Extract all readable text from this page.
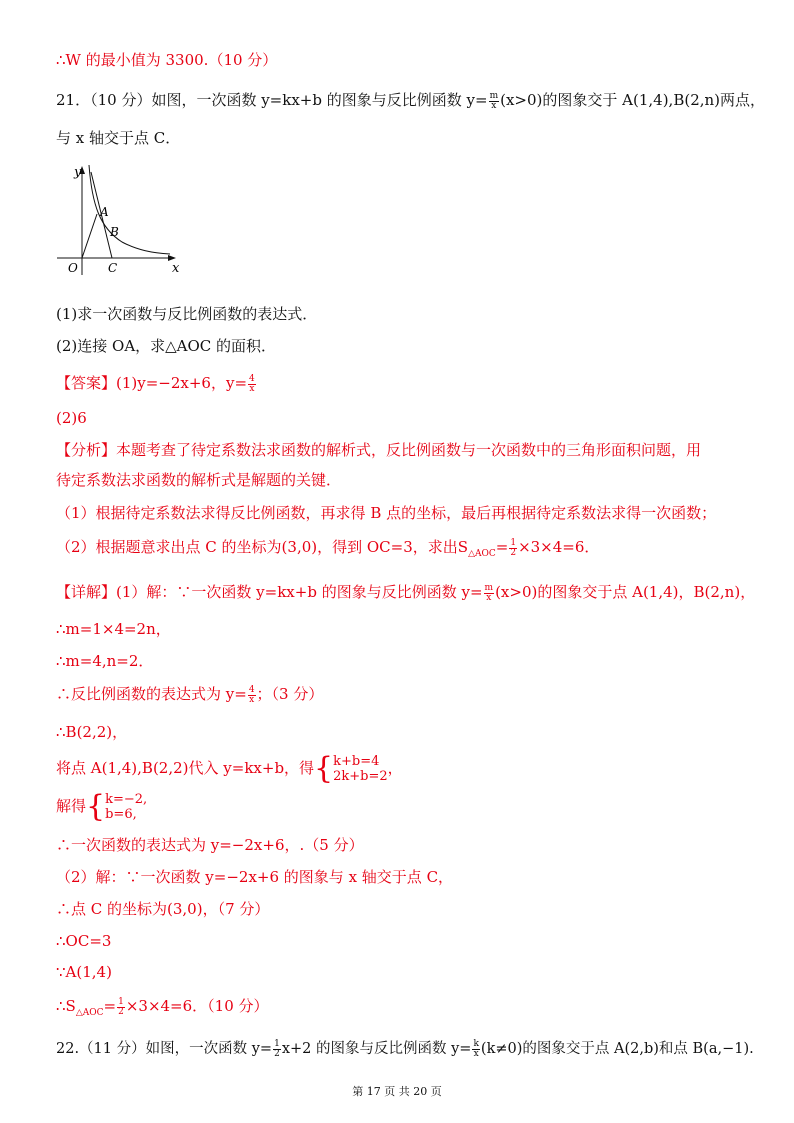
∴W 的最小值为 3300.（10 分）
21．（10 分）如图，一次函数 y=kx+b 的图象与反比例函数 $y= \frac{m}{x} (x>0)$的图象交于 A(1,4),B(2,n)两点，
与 x 轴交于点 C．
y
x
O
A
B
C
(1)求一次函数与反比例函数的表达式．
(2)连接 OA，求△AOC 的面积．
【答案】(1)y=−2x+6，$y= \frac{4}{x}$
(2)6
【分析】本题考查了待定系数法求函数的解析式，反比例函数与一次函数中的三角形面积问题，用
待定系数法求函数的解析式是解题的关键．
（1）根据待定系数法求得反比例函数，再求得 B 点的坐标，最后再根据待定系数法求得一次函数；
（2）根据题意求出点 C 的坐标为(3,0)，得到 OC=3，求出$S_{\triangle AOC}= \frac{1}{2} \times 3\times 4=6$．
【详解】(1）解：∵一次函数 y=kx+b 的图象与反比例函数 $y= \frac{m}{x} (x>0)$的图象交于点 A(1,4)，B(2,n)，
∴m=1×4=2n，
∴m=4,n=2．
∴反比例函数的表达式为 $y= \frac{4}{x}$ ；（3 分）
∴B(2,2)，
将点 A(1,4),B(2,2)代入 y=kx+b，得{ k+b=4
2k+b=2 ，
解得{ k=−2,
b=6,
∴一次函数的表达式为 y=−2x+6，.（5 分）
（2）解：∵一次函数 y=−2x+6 的图象与 x 轴交于点 C，
∴点 C 的坐标为(3,0)，（7 分）
∴OC=3
∵A(1,4)
$\therefore S_{\triangle AOC}= \frac{1}{2} \times 3\times 4=6$．（10 分）
22.（11 分）如图，一次函数 $y= \frac{1}{2} x+2$ 的图象与反比例函数 $y= \frac{k}{x} (k\ne 0)$的图象交于点 A(2,b)和点 B(a,−1).
第 17 页 共 20 页
